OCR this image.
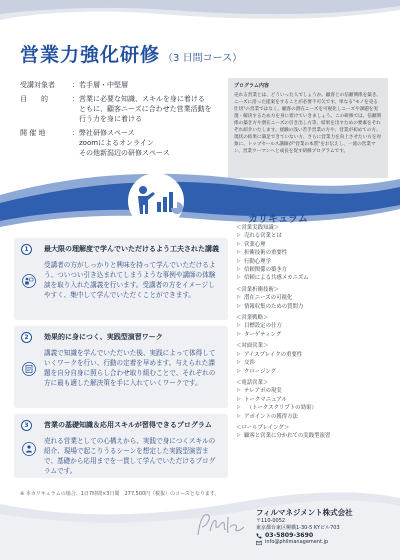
営業力 強化 研修 （3 日間コース）
受講対象者	：若手層・中堅層
目　　的	：営業に必要な知識、スキルを身に着ける
ともに、顧客ニーズに合わせた営業活動を
行う力を身に着ける
開 催 地	：弊社研修スペース
zoomによるオンライン
その他新潟辺の研修スペース
プログラム内容
売れる営業とは、どういった人でしょうか。顧客との信頼関係を築き、ニーズに沿った提案をすることが必要不可欠です。単なる"モノを売る仕切"の営業ではなく、顧客の潜在ニーズを可視化しニーズや課題を実現・解決するため方を身に着けていきましょう。この研修では、信頼関係の築き方や潜在ニーズの引き出し方等、結果を出すための要素をそれぞれ紹介いたします。経験の浅い若手営業の方や、営業が初めての方、現状の結果に満足できていない方、さらに営業力を向上させたい方を対象に、トップセールス講師が"営業の本質"をお伝えし、一流の営業マン、営業ウーマンへと成長を促す研修プログラムです。
カリキュラム
1	最大限の理解度で学んでいただけるよう工夫された講義
受講者の方がしっかりと興味を持って学んでいただけるよう、ついつい引き込まれてしまうような事例や講師の体験談を取り入れた講義を行います。受講者の方をイメージしやすく、集中して学んでいただくことができます。
2	効果的に身につく、実践型演習ワーク
講義で知識を学んでいただいた後、実践によって体得していくワークを行い、行動の定着を早めます。与えられた課題を自分自身に照らし合わせ取り組むことで、それぞれの方に最も適した解決策を手に入れていくワークです。
3	営業の基礎知識＆応用スキルが習得できるプログラム
売れる営業としての心構えから、実践で身につくスキルの紹介、現場で起こりうるシーンを想定した実践型演習まで、基礎から応用までを一貫して学んでいただけるプログラムです。
＜営業実践知識＞
▷ 売れる営業とは
▷ 営業心理
▷ 折衝技術の重要性
▷ 行動心理学
▷ 信頼関係の築き方
▷ 信頼による共感メカニズム
＜営業折衝技術＞
▷ 潜在ニーズの可視化
▷ 情報収集のための質問力
＜営業戦略＞
▷ 目標設定の仕方
▷ ターゲティング
＜対面営業＞
▷ アイスブレイクの重要性
▷ 交渉
▷ クロージング
＜電話営業＞
▷ テレアポの現実
▷ トークマニュアル
▷ 　（トークスクリプトの効果）
▷ アポイントの獲得方法
＜ロールプレイング＞
▷ 顧客と営業に分かれての実践型演習
※ 本カリキュラムの場合、1日7時間×3日間　277,500円（税抜）のコースとなります。
フィルマネジメント株式会社
〒110-0052
東京都台東区柳橋1-30-5 KYビル703
03-5809-3690
info@philmanagement.jp
